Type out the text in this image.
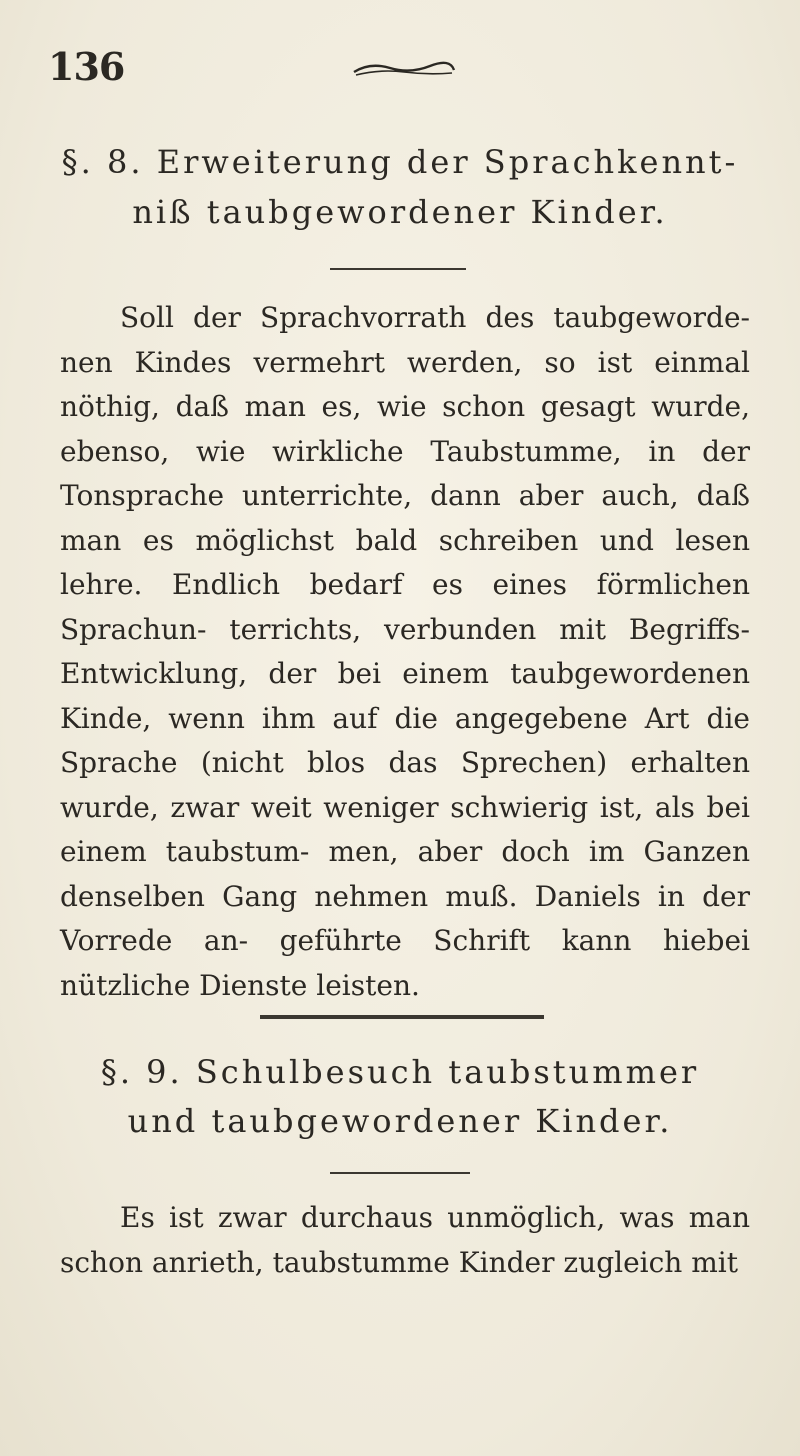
136
§. 8. Erweiterung der Sprachkennt-
niß taubgewordener Kinder.
Soll der Sprachvorrath des taubgeworde- nen Kindes vermehrt werden, so ist einmal nöthig, daß man es, wie schon gesagt wurde, ebenso, wie wirkliche Taubstumme, in der Tonsprache unterrichte, dann aber auch, daß man es möglichst bald schreiben und lesen lehre. Endlich bedarf es eines förmlichen Sprachun- terrichts, verbunden mit Begriffs-Entwicklung, der bei einem taubgewordenen Kinde, wenn ihm auf die angegebene Art die Sprache (nicht blos das Sprechen) erhalten wurde, zwar weit weniger schwierig ist, als bei einem taubstum- men, aber doch im Ganzen denselben Gang nehmen muß. Daniels in der Vorrede an- geführte Schrift kann hiebei nützliche Dienste leisten.
§. 9. Schulbesuch taubstummer
und taubgewordener Kinder.
Es ist zwar durchaus unmöglich, was man schon anrieth, taubstumme Kinder zugleich mit
